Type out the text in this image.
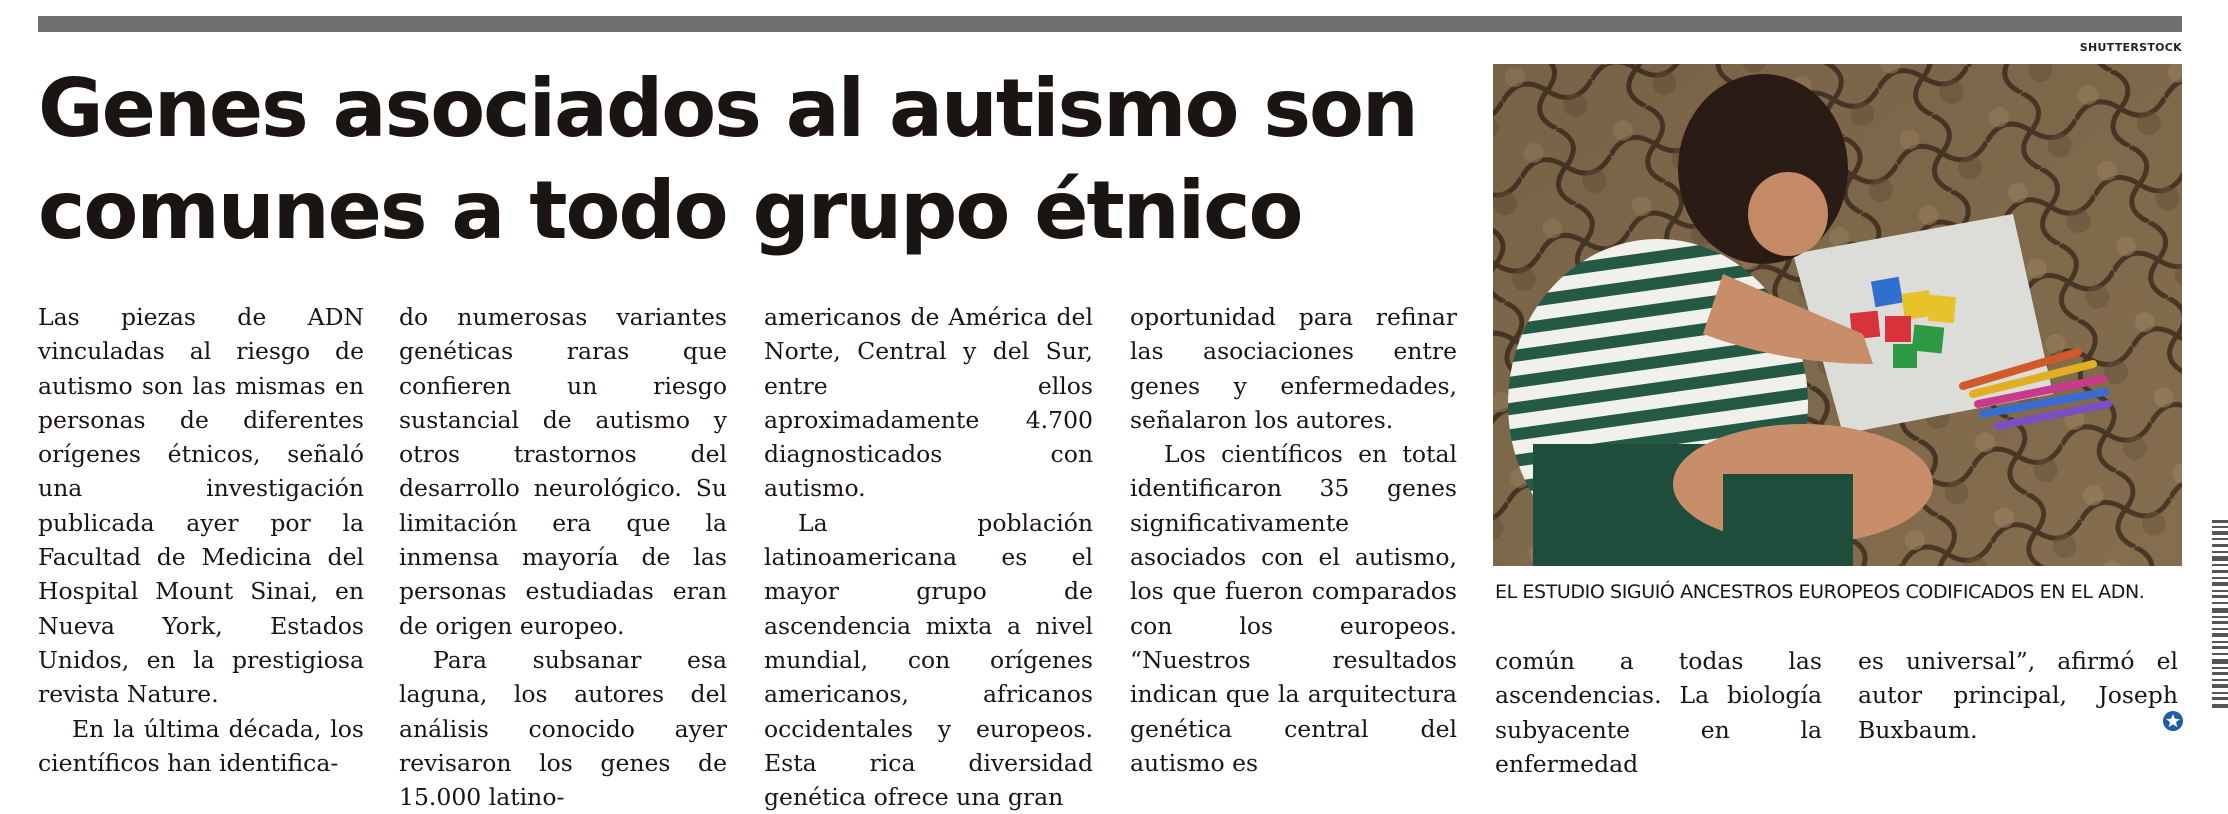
Genes asociados al autismo son comunes a todo grupo étnico

Las piezas de ADN vinculadas al riesgo de autismo son las mismas en personas de diferentes orígenes étnicos, señaló una investigación publicada ayer por la Facultad de Medicina del Hospital Mount Sinai, en Nueva York, Estados Unidos, en la prestigiosa revista Nature.

En la última década, los científicos han identifica-

do numerosas variantes genéticas raras que confieren un riesgo sustancial de autismo y otros trastornos del desarrollo neurológico. Su limitación era que la inmensa mayoría de las personas estudiadas eran de origen europeo.

Para subsanar esa laguna, los autores del análisis conocido ayer revisaron los genes de 15.000 latino-

americanos de América del Norte, Central y del Sur, entre ellos aproximadamente 4.700 diagnosticados con autismo.

La población latinoamericana es el mayor grupo de ascendencia mixta a nivel mundial, con orígenes americanos, africanos occidentales y europeos. Esta rica diversidad genética ofrece una gran

oportunidad para refinar las asociaciones entre genes y enfermedades, señalaron los autores.

Los científicos en total identificaron 35 genes significativamente asociados con el autismo, los que fueron comparados con los europeos. “Nuestros resultados indican que la arquitectura genética central del autismo es

común a todas las ascendencias. La biología subyacente en la enfermedad

es universal”, afirmó el autor principal, Joseph Buxbaum.

SHUTTERSTOCK

EL ESTUDIO SIGUIÓ ANCESTROS EUROPEOS CODIFICADOS EN EL ADN.
